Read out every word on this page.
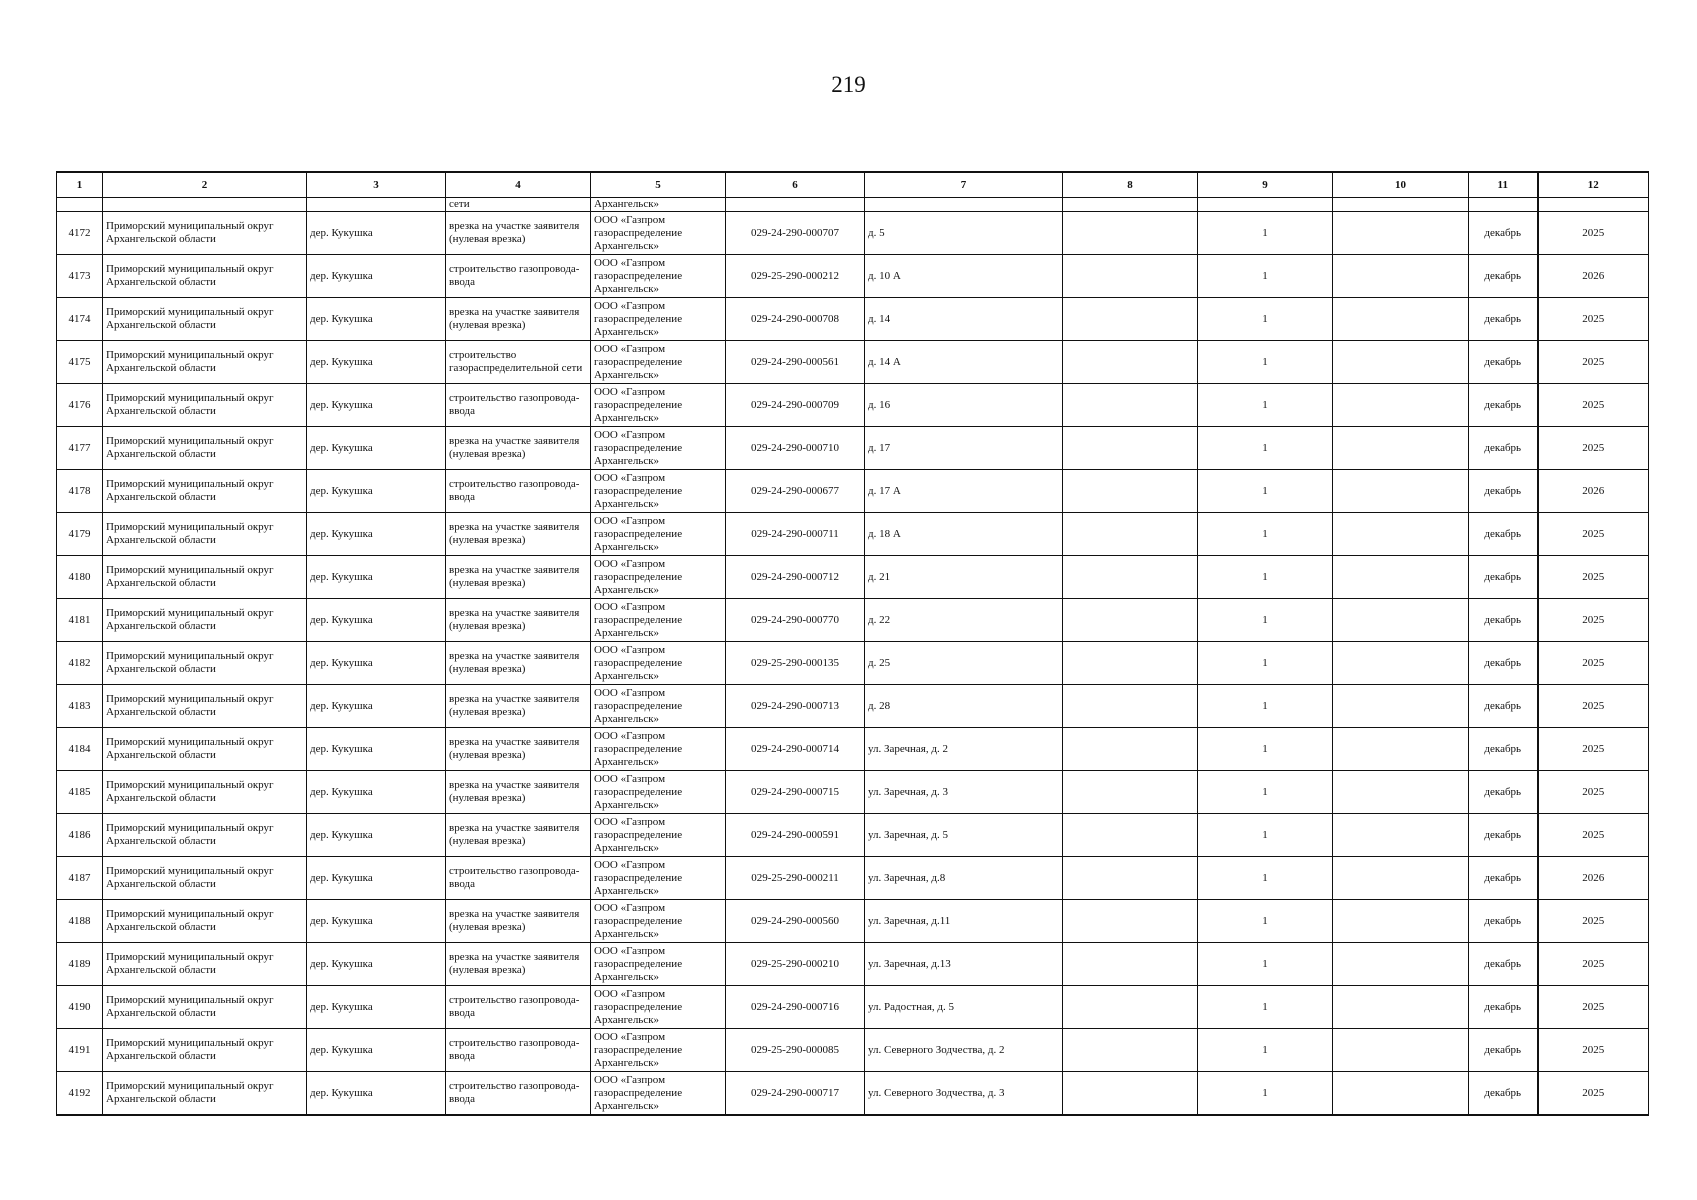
219
1	2	3	4	5	6	7	8	9	10	11	12
			сети	Архангельск»							
4172	Приморский муниципальный округ Архангельской области	дер. Кукушка	врезка на участке заявителя (нулевая врезка)	ООО «Газпром газораспределение Архангельск»	029-24-290-000707	д. 5		1		декабрь	2025
4173	Приморский муниципальный округ Архангельской области	дер. Кукушка	строительство газопровода-ввода	ООО «Газпром газораспределение Архангельск»	029-25-290-000212	д. 10 А		1		декабрь	2026
4174	Приморский муниципальный округ Архангельской области	дер. Кукушка	врезка на участке заявителя (нулевая врезка)	ООО «Газпром газораспределение Архангельск»	029-24-290-000708	д. 14		1		декабрь	2025
4175	Приморский муниципальный округ Архангельской области	дер. Кукушка	строительство газораспределительной сети	ООО «Газпром газораспределение Архангельск»	029-24-290-000561	д. 14 А		1		декабрь	2025
4176	Приморский муниципальный округ Архангельской области	дер. Кукушка	строительство газопровода-ввода	ООО «Газпром газораспределение Архангельск»	029-24-290-000709	д. 16		1		декабрь	2025
4177	Приморский муниципальный округ Архангельской области	дер. Кукушка	врезка на участке заявителя (нулевая врезка)	ООО «Газпром газораспределение Архангельск»	029-24-290-000710	д. 17		1		декабрь	2025
4178	Приморский муниципальный округ Архангельской области	дер. Кукушка	строительство газопровода-ввода	ООО «Газпром газораспределение Архангельск»	029-24-290-000677	д. 17 А		1		декабрь	2026
4179	Приморский муниципальный округ Архангельской области	дер. Кукушка	врезка на участке заявителя (нулевая врезка)	ООО «Газпром газораспределение Архангельск»	029-24-290-000711	д. 18 А		1		декабрь	2025
4180	Приморский муниципальный округ Архангельской области	дер. Кукушка	врезка на участке заявителя (нулевая врезка)	ООО «Газпром газораспределение Архангельск»	029-24-290-000712	д. 21		1		декабрь	2025
4181	Приморский муниципальный округ Архангельской области	дер. Кукушка	врезка на участке заявителя (нулевая врезка)	ООО «Газпром газораспределение Архангельск»	029-24-290-000770	д. 22		1		декабрь	2025
4182	Приморский муниципальный округ Архангельской области	дер. Кукушка	врезка на участке заявителя (нулевая врезка)	ООО «Газпром газораспределение Архангельск»	029-25-290-000135	д. 25		1		декабрь	2025
4183	Приморский муниципальный округ Архангельской области	дер. Кукушка	врезка на участке заявителя (нулевая врезка)	ООО «Газпром газораспределение Архангельск»	029-24-290-000713	д. 28		1		декабрь	2025
4184	Приморский муниципальный округ Архангельской области	дер. Кукушка	врезка на участке заявителя (нулевая врезка)	ООО «Газпром газораспределение Архангельск»	029-24-290-000714	ул. Заречная, д. 2		1		декабрь	2025
4185	Приморский муниципальный округ Архангельской области	дер. Кукушка	врезка на участке заявителя (нулевая врезка)	ООО «Газпром газораспределение Архангельск»	029-24-290-000715	ул. Заречная, д. 3		1		декабрь	2025
4186	Приморский муниципальный округ Архангельской области	дер. Кукушка	врезка на участке заявителя (нулевая врезка)	ООО «Газпром газораспределение Архангельск»	029-24-290-000591	ул. Заречная, д. 5		1		декабрь	2025
4187	Приморский муниципальный округ Архангельской области	дер. Кукушка	строительство газопровода-ввода	ООО «Газпром газораспределение Архангельск»	029-25-290-000211	ул. Заречная, д.8		1		декабрь	2026
4188	Приморский муниципальный округ Архангельской области	дер. Кукушка	врезка на участке заявителя (нулевая врезка)	ООО «Газпром газораспределение Архангельск»	029-24-290-000560	ул. Заречная, д.11		1		декабрь	2025
4189	Приморский муниципальный округ Архангельской области	дер. Кукушка	врезка на участке заявителя (нулевая врезка)	ООО «Газпром газораспределение Архангельск»	029-25-290-000210	ул. Заречная, д.13		1		декабрь	2025
4190	Приморский муниципальный округ Архангельской области	дер. Кукушка	строительство газопровода-ввода	ООО «Газпром газораспределение Архангельск»	029-24-290-000716	ул. Радостная, д. 5		1		декабрь	2025
4191	Приморский муниципальный округ Архангельской области	дер. Кукушка	строительство газопровода-ввода	ООО «Газпром газораспределение Архангельск»	029-25-290-000085	ул. Северного Зодчества, д. 2		1		декабрь	2025
4192	Приморский муниципальный округ Архангельской области	дер. Кукушка	строительство газопровода-ввода	ООО «Газпром газораспределение Архангельск»	029-24-290-000717	ул. Северного Зодчества, д. 3		1		декабрь	2025
